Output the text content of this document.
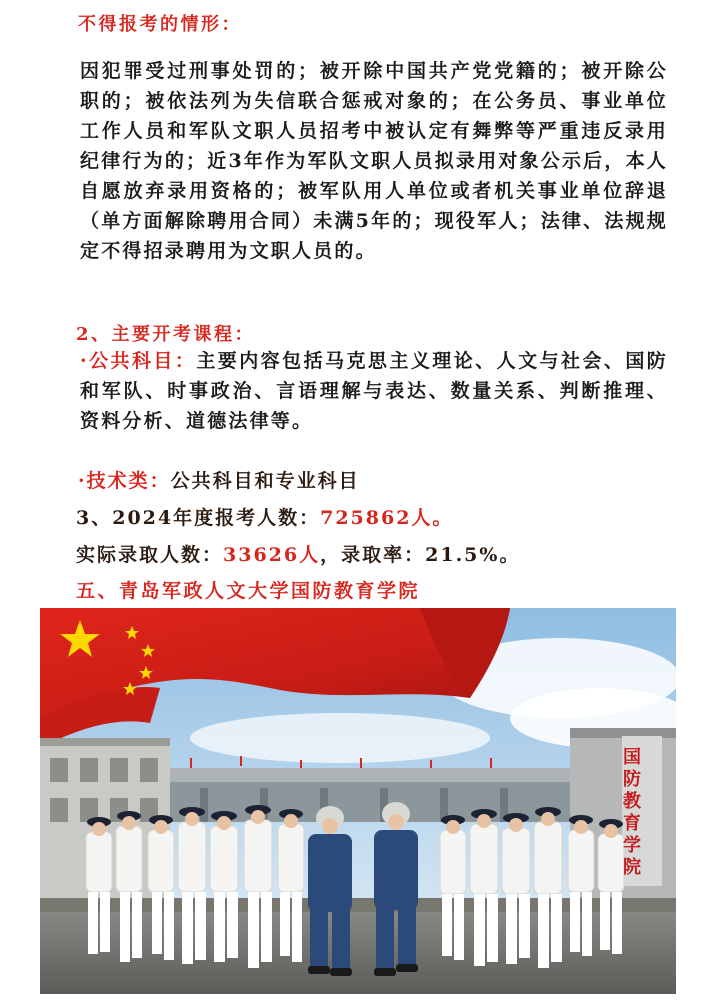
不得报考的情形：
因犯罪受过刑事处罚的；被开除中国共产党党籍的；被开除公职的；被依法列为失信联合惩戒对象的；在公务员、事业单位工作人员和军队文职人员招考中被认定有舞弊等严重违反录用纪律行为的；近3年作为军队文职人员拟录用对象公示后，本人自愿放弃录用资格的；被军队用人单位或者机关事业单位辞退（单方面解除聘用合同）未满5年的；现役军人；法律、法规规定不得招录聘用为文职人员的。
2、主要开考课程：
·公共科目：主要内容包括马克思主义理论、人文与社会、国防和军队、时事政治、言语理解与表达、数量关系、判断推理、资料分析、道德法律等。
·技术类：公共科目和专业科目
3、2024年度报考人数：725862人。
实际录取人数：33626人，录取率：21.5%。
五、青岛军政人文大学国防教育学院
国防教育学院
